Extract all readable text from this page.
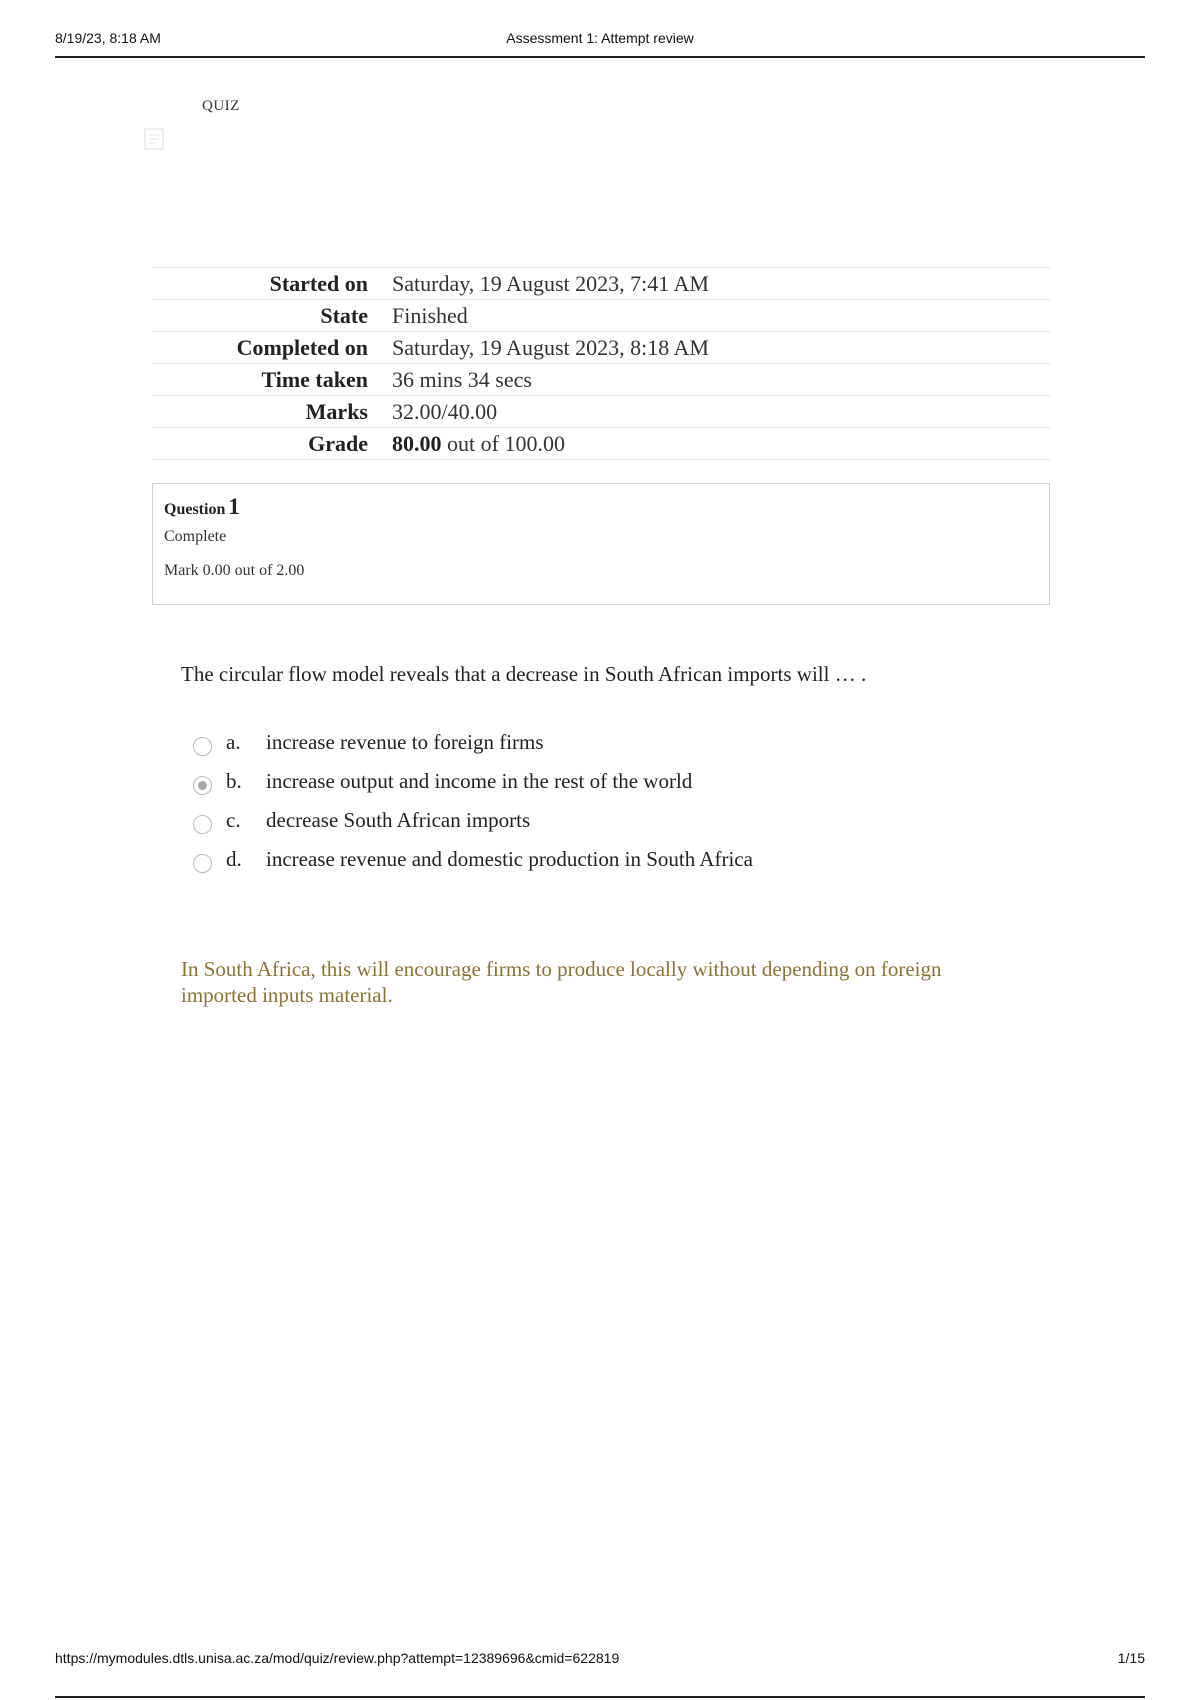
8/19/23, 8:18 AM	Assessment 1: Attempt review
QUIZ
Started on	Saturday, 19 August 2023, 7:41 AM
State	Finished
Completed on	Saturday, 19 August 2023, 8:18 AM
Time taken	36 mins 34 secs
Marks	32.00/40.00
Grade	80.00 out of 100.00
Question 1
Complete
Mark 0.00 out of 2.00
The circular flow model reveals that a decrease in South African imports will … .
a. increase revenue to foreign firms
b. increase output and income in the rest of the world
c. decrease South African imports
d. increase revenue and domestic production in South Africa
In South Africa, this will encourage firms to produce locally without depending on foreign imported inputs material.
https://mymodules.dtls.unisa.ac.za/mod/quiz/review.php?attempt=12389696&cmid=622819	1/15
